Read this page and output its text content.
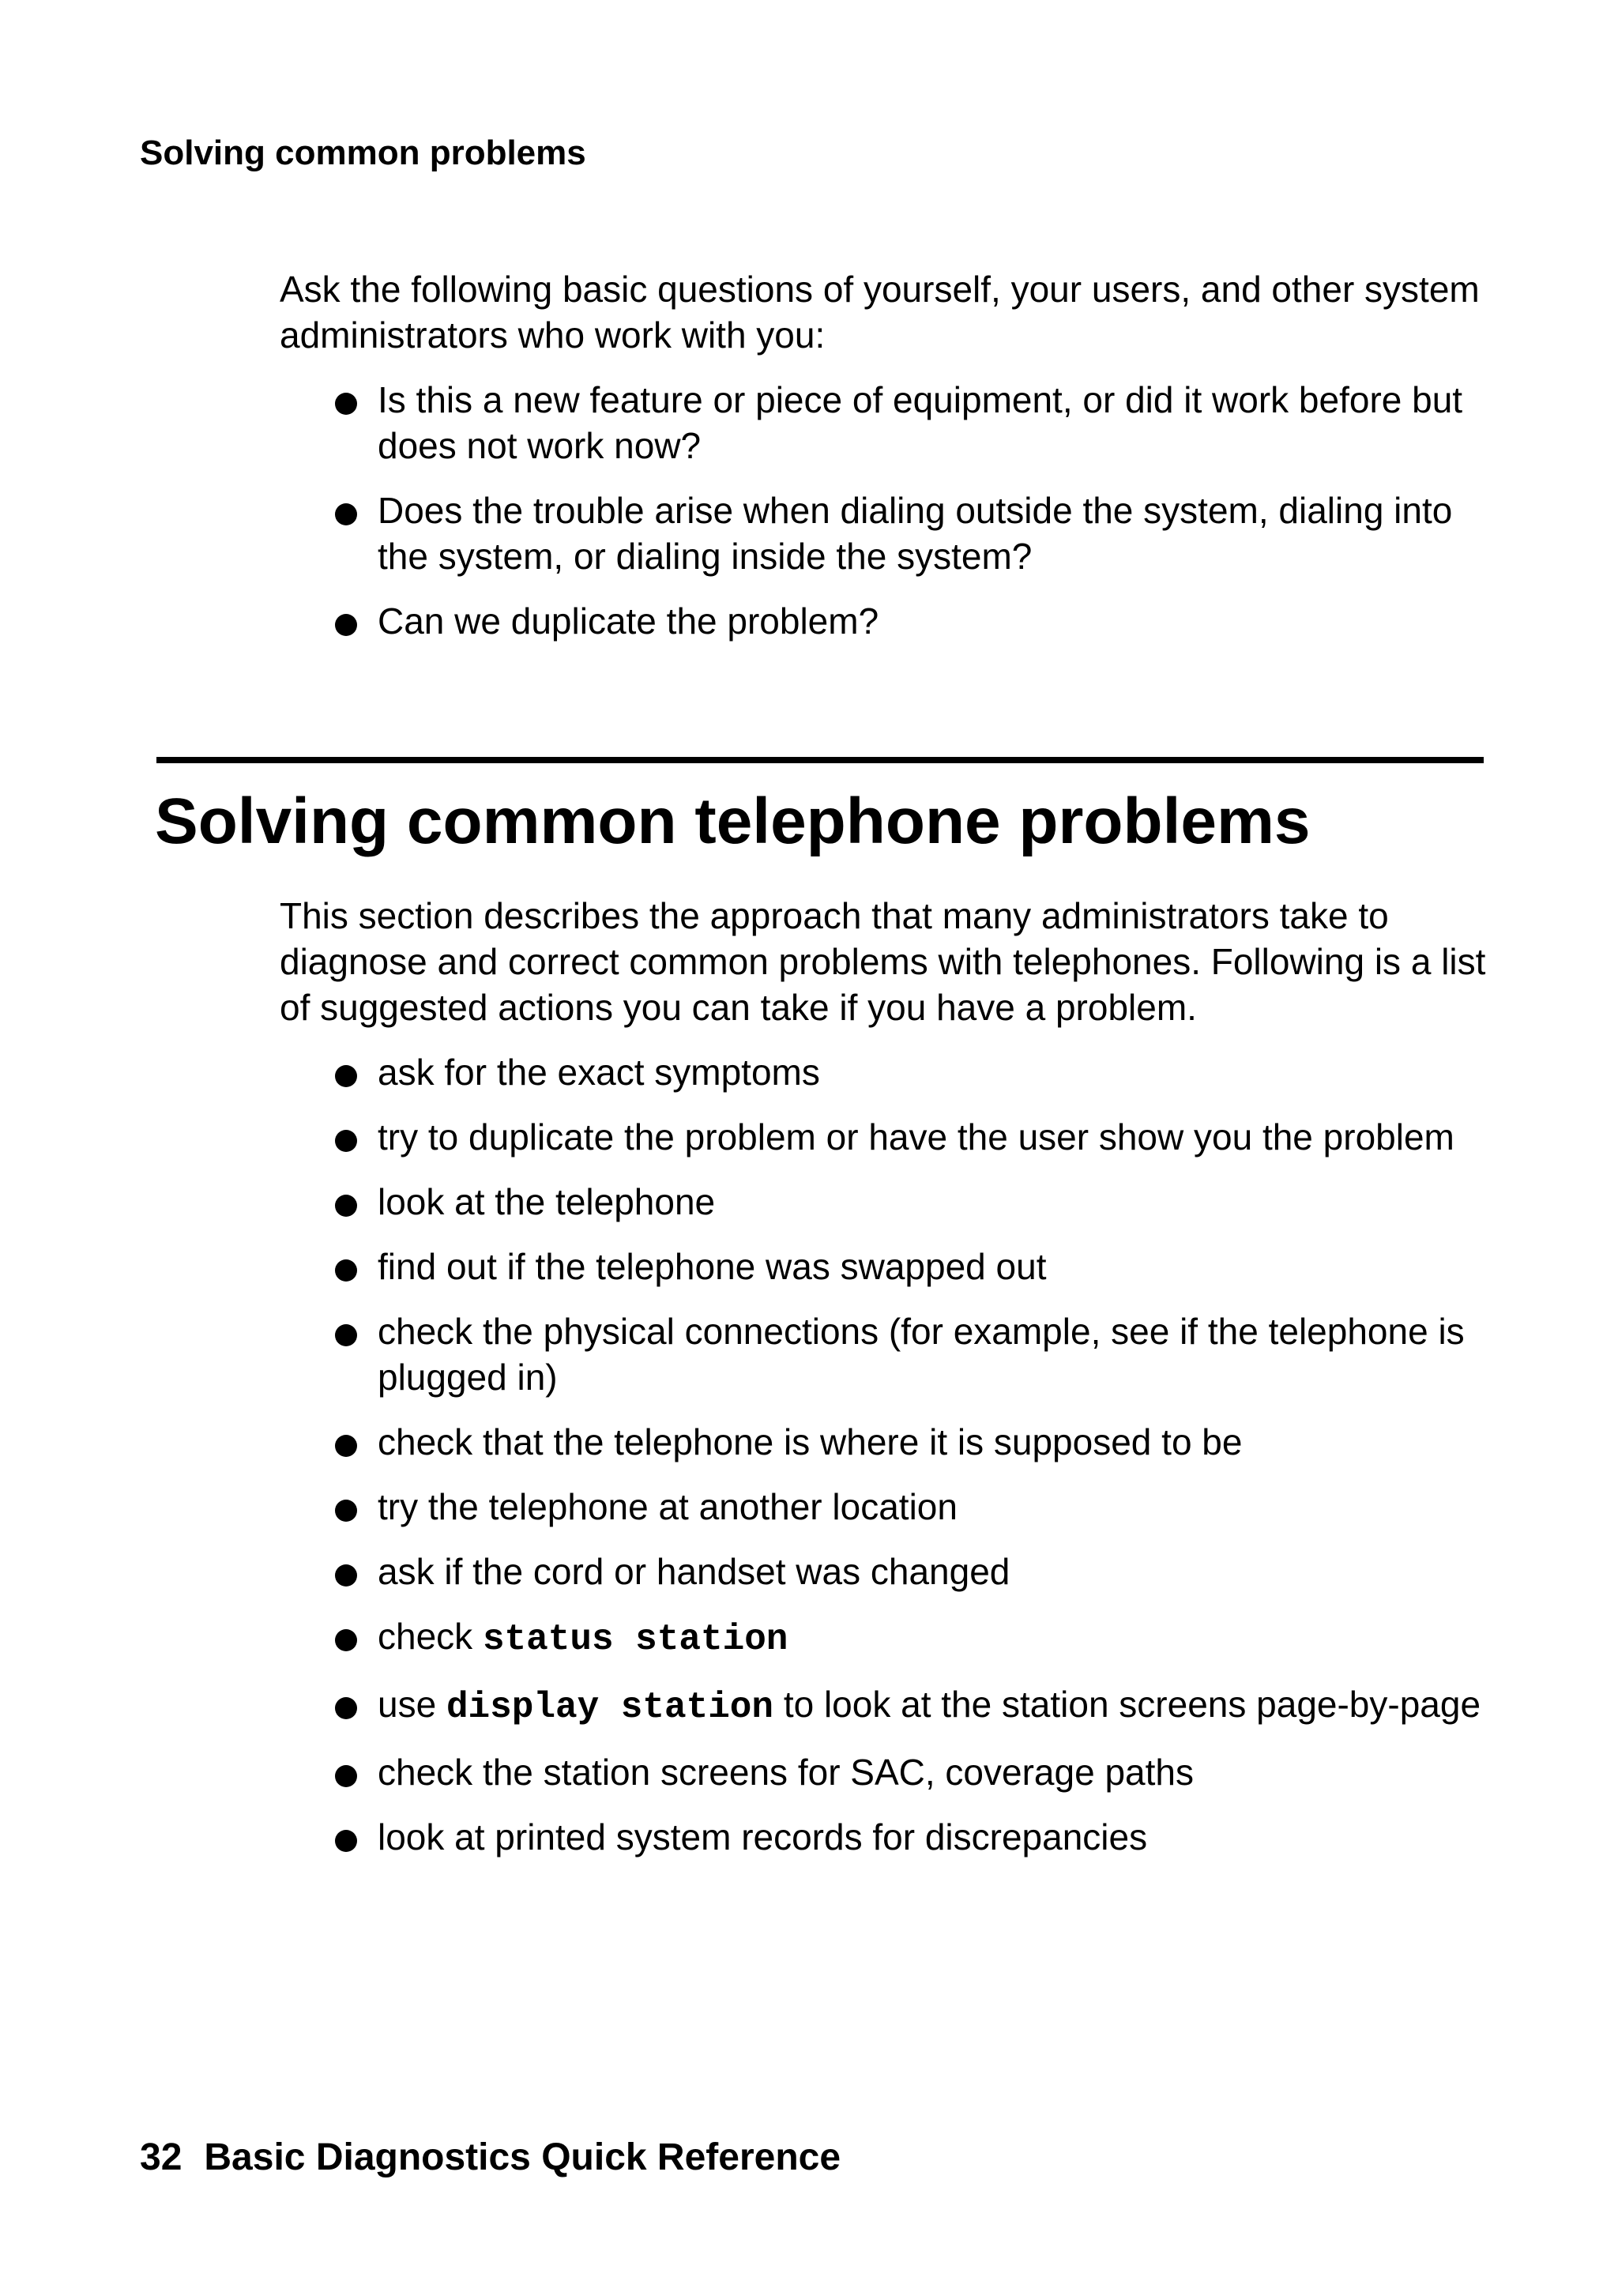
Solving common problems

Ask the following basic questions of yourself, your users, and other system administrators who work with you:

Is this a new feature or piece of equipment, or did it work before but does not work now?
Does the trouble arise when dialing outside the system, dialing into the system, or dialing inside the system?
Can we duplicate the problem?
Solving common telephone problems

This section describes the approach that many administrators take to diagnose and correct common problems with telephones. Following is a list of suggested actions you can take if you have a problem.

ask for the exact symptoms
try to duplicate the problem or have the user show you the problem
look at the telephone
find out if the telephone was swapped out
check the physical connections (for example, see if the telephone is plugged in)
check that the telephone is where it is supposed to be
try the telephone at another location
ask if the cord or handset was changed
check status station
use display station to look at the station screens page-by-page
check the station screens for SAC, coverage paths
look at printed system records for discrepancies
32 Basic Diagnostics Quick Reference
